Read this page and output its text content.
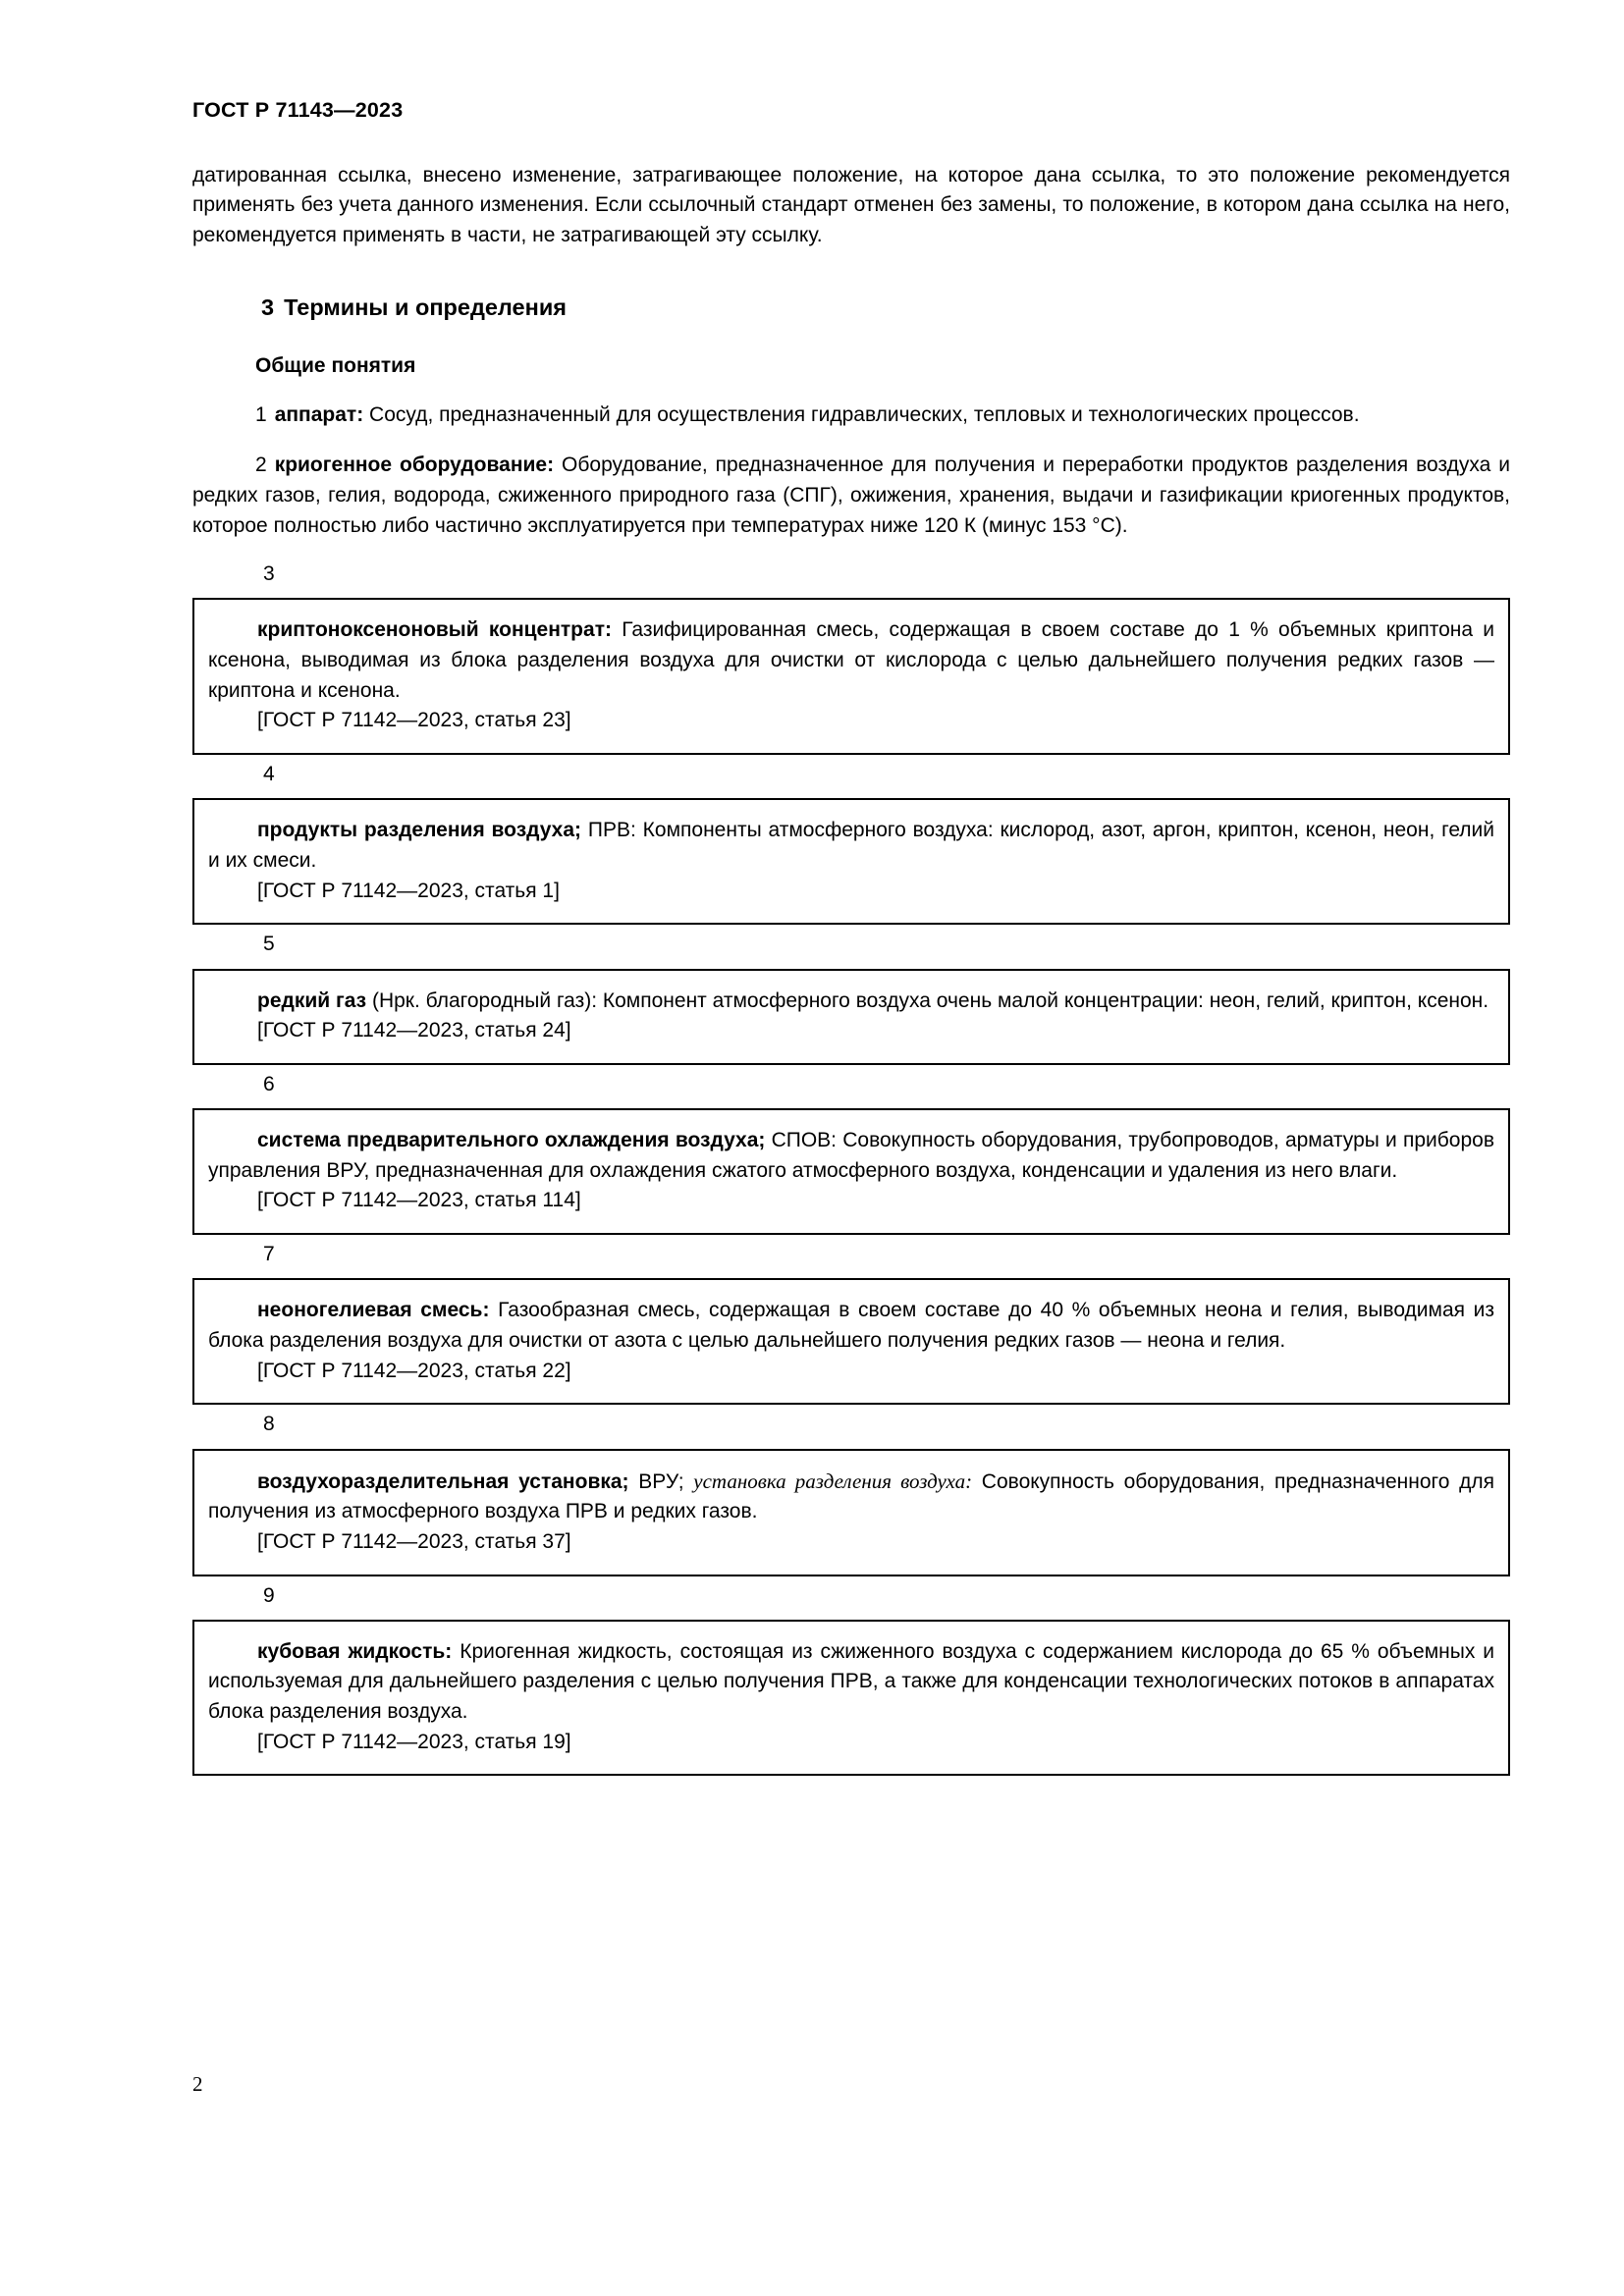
ГОСТ Р 71143—2023

датированная ссылка, внесено изменение, затрагивающее положение, на которое дана ссылка, то это положение рекомендуется применять без учета данного изменения. Если ссылочный стандарт отменен без замены, то положение, в котором дана ссылка на него, рекомендуется применять в части, не затрагивающей эту ссылку.

3 Термины и определения
Общие понятия

1 аппарат: Сосуд, предназначенный для осуществления гидравлических, тепловых и технологических процессов.

2 криогенное оборудование: Оборудование, предназначенное для получения и переработки продуктов разделения воздуха и редких газов, гелия, водорода, сжиженного природного газа (СПГ), ожижения, хранения, выдачи и газификации криогенных продуктов, которое полностью либо частично эксплуатируется при температурах ниже 120 К (минус 153 °C).

3

криптоноксеноновый концентрат: Газифицированная смесь, содержащая в своем составе до 1 % объемных криптона и ксенона, выводимая из блока разделения воздуха для очистки от кислорода с целью дальнейшего получения редких газов — криптона и ксенона.

[ГОСТ Р 71142—2023, статья 23]

4

продукты разделения воздуха; ПРВ: Компоненты атмосферного воздуха: кислород, азот, аргон, криптон, ксенон, неон, гелий и их смеси.

[ГОСТ Р 71142—2023, статья 1]

5

редкий газ (Нрк. благородный газ): Компонент атмосферного воздуха очень малой концентрации: неон, гелий, криптон, ксенон.

[ГОСТ Р 71142—2023, статья 24]

6

система предварительного охлаждения воздуха; СПОВ: Совокупность оборудования, трубопроводов, арматуры и приборов управления ВРУ, предназначенная для охлаждения сжатого атмосферного воздуха, конденсации и удаления из него влаги.

[ГОСТ Р 71142—2023, статья 114]

7

неоногелиевая смесь: Газообразная смесь, содержащая в своем составе до 40 % объемных неона и гелия, выводимая из блока разделения воздуха для очистки от азота с целью дальнейшего получения редких газов — неона и гелия.

[ГОСТ Р 71142—2023, статья 22]

8

воздухоразделительная установка; ВРУ; установка разделения воздуха: Совокупность оборудования, предназначенного для получения из атмосферного воздуха ПРВ и редких газов.

[ГОСТ Р 71142—2023, статья 37]

9

кубовая жидкость: Криогенная жидкость, состоящая из сжиженного воздуха с содержанием кислорода до 65 % объемных и используемая для дальнейшего разделения с целью получения ПРВ, а также для конденсации технологических потоков в аппаратах блока разделения воздуха.

[ГОСТ Р 71142—2023, статья 19]

2
